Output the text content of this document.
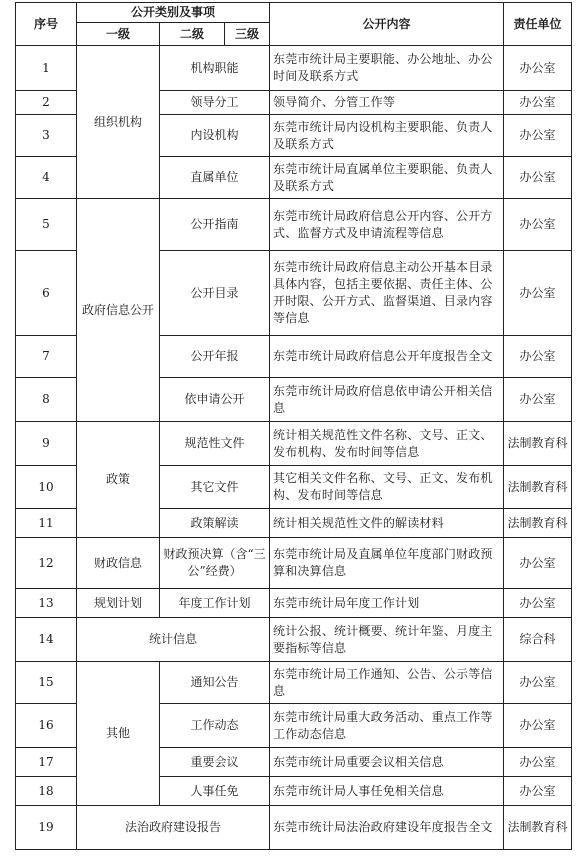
序号	公开类别及事项			公开内容	责任单位
	一级	二级	三级		
1	组织机构	机构职能		东莞市统计局主要职能、办公地址、办公时间及联系方式	办公室
2		领导分工		领导简介、分管工作等	办公室
3		内设机构		东莞市统计局内设机构主要职能、负责人及联系方式	办公室
4		直属单位		东莞市统计局直属单位主要职能、负责人及联系方式	办公室
5	政府信息公开	公开指南		东莞市统计局政府信息公开内容、公开方式、监督方式及申请流程等信息	办公室
6		公开目录		东莞市统计局政府信息主动公开基本目录具体内容，包括主要依据、责任主体、公开时限、公开方式、监督渠道、目录内容等信息	办公室
7		公开年报		东莞市统计局政府信息公开年度报告全文	办公室
8		依申请公开		东莞市统计局政府信息依申请公开相关信息	办公室
9	政策	规范性文件		统计相关规范性文件名称、文号、正文、发布机构、发布时间等信息	法制教育科
10		其它文件		其它相关文件名称、文号、正文、发布机构、发布时间等信息	法制教育科
11		政策解读		统计相关规范性文件的解读材料	法制教育科
12	财政信息	财政预决算（含“三公”经费）		东莞市统计局及直属单位年度部门财政预算和决算信息	办公室
13	规划计划	年度工作计划		东莞市统计局年度工作计划	办公室
14	统计信息			统计公报、统计概要、统计年鉴、月度主要指标等信息	综合科
15	其他	通知公告		东莞市统计局工作通知、公告、公示等信息	办公室
16		工作动态		东莞市统计局重大政务活动、重点工作等工作动态信息	办公室
17		重要会议		东莞市统计局重要会议相关信息	办公室
18		人事任免		东莞市统计局人事任免相关信息	办公室
19	法治政府建设报告			东莞市统计局法治政府建设年度报告全文	法制教育科
